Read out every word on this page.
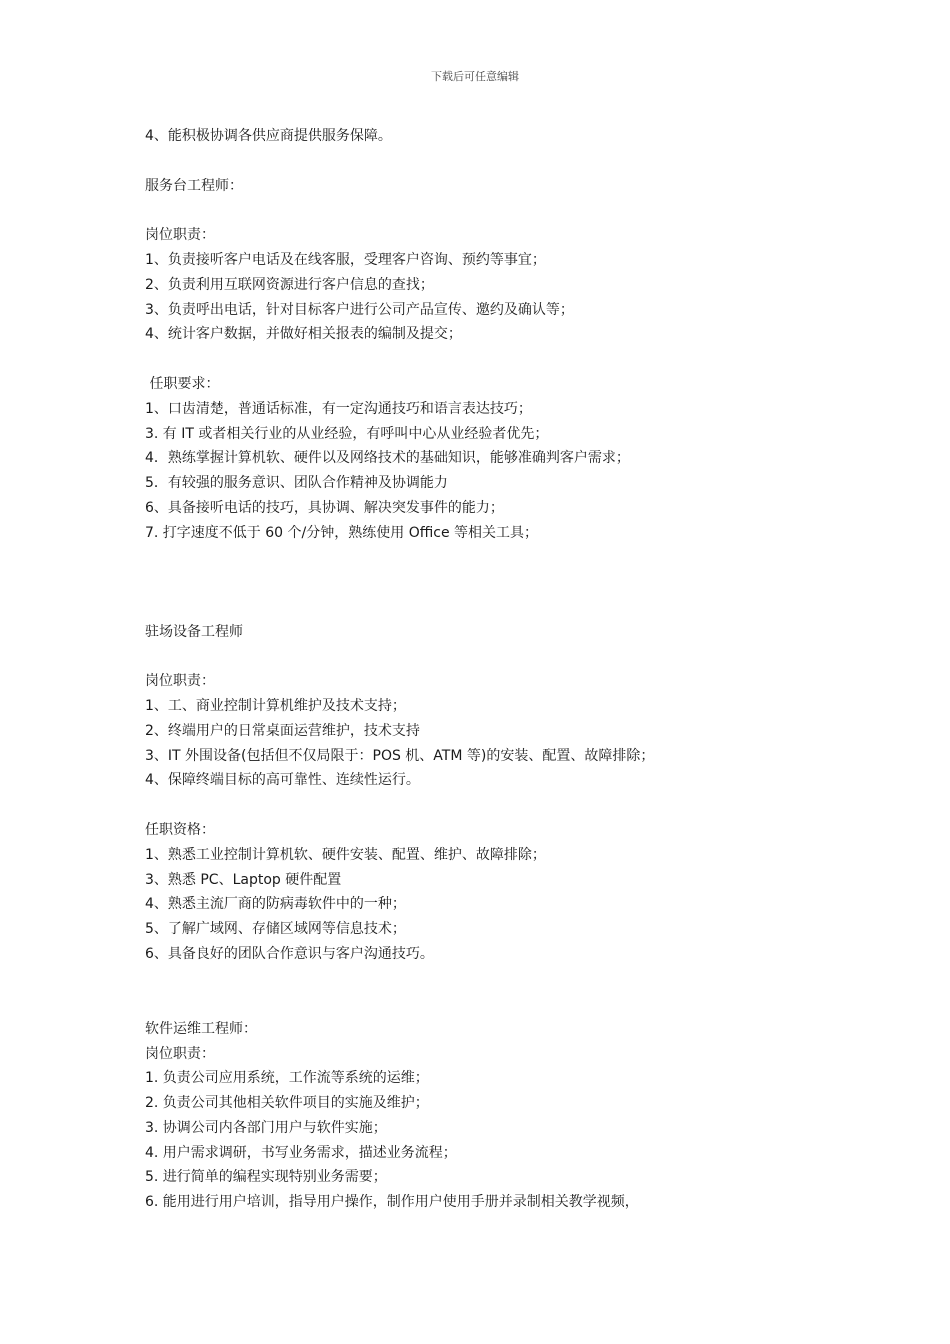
下载后可任意编辑
4、能积极协调各供应商提供服务保障。
服务台工程师：
岗位职责：
1、负责接听客户电话及在线客服，受理客户咨询、预约等事宜；
2、负责利用互联网资源进行客户信息的查找；
3、负责呼出电话，针对目标客户进行公司产品宣传、邀约及确认等；
4、统计客户数据，并做好相关报表的编制及提交；
任职要求：
1、口齿清楚，普通话标准，有一定沟通技巧和语言表达技巧；
3. 有 IT 或者相关行业的从业经验，有呼叫中心从业经验者优先；
4．熟练掌握计算机软、硬件以及网络技术的基础知识，能够准确判客户需求；
5．有较强的服务意识、团队合作精神及协调能力
6、具备接听电话的技巧，具协调、解决突发事件的能力；
7. 打字速度不低于 60 个/分钟，熟练使用 Office 等相关工具；
驻场设备工程师
岗位职责：
1、工、商业控制计算机维护及技术支持；
2、终端用户的日常桌面运营维护，技术支持
3、IT 外围设备(包括但不仅局限于：POS 机、ATM 等)的安装、配置、故障排除；
4、保障终端目标的高可靠性、连续性运行。
任职资格：
1、熟悉工业控制计算机软、硬件安装、配置、维护、故障排除；
3、熟悉 PC、Laptop 硬件配置
4、熟悉主流厂商的防病毒软件中的一种；
5、了解广域网、存储区域网等信息技术；
6、具备良好的团队合作意识与客户沟通技巧。
软件运维工程师：
岗位职责：
1. 负责公司应用系统，工作流等系统的运维；
2. 负责公司其他相关软件项目的实施及维护；
3. 协调公司内各部门用户与软件实施；
4. 用户需求调研，书写业务需求，描述业务流程；
5. 进行简单的编程实现特别业务需要；
6. 能用进行用户培训，指导用户操作，制作用户使用手册并录制相关教学视频，
